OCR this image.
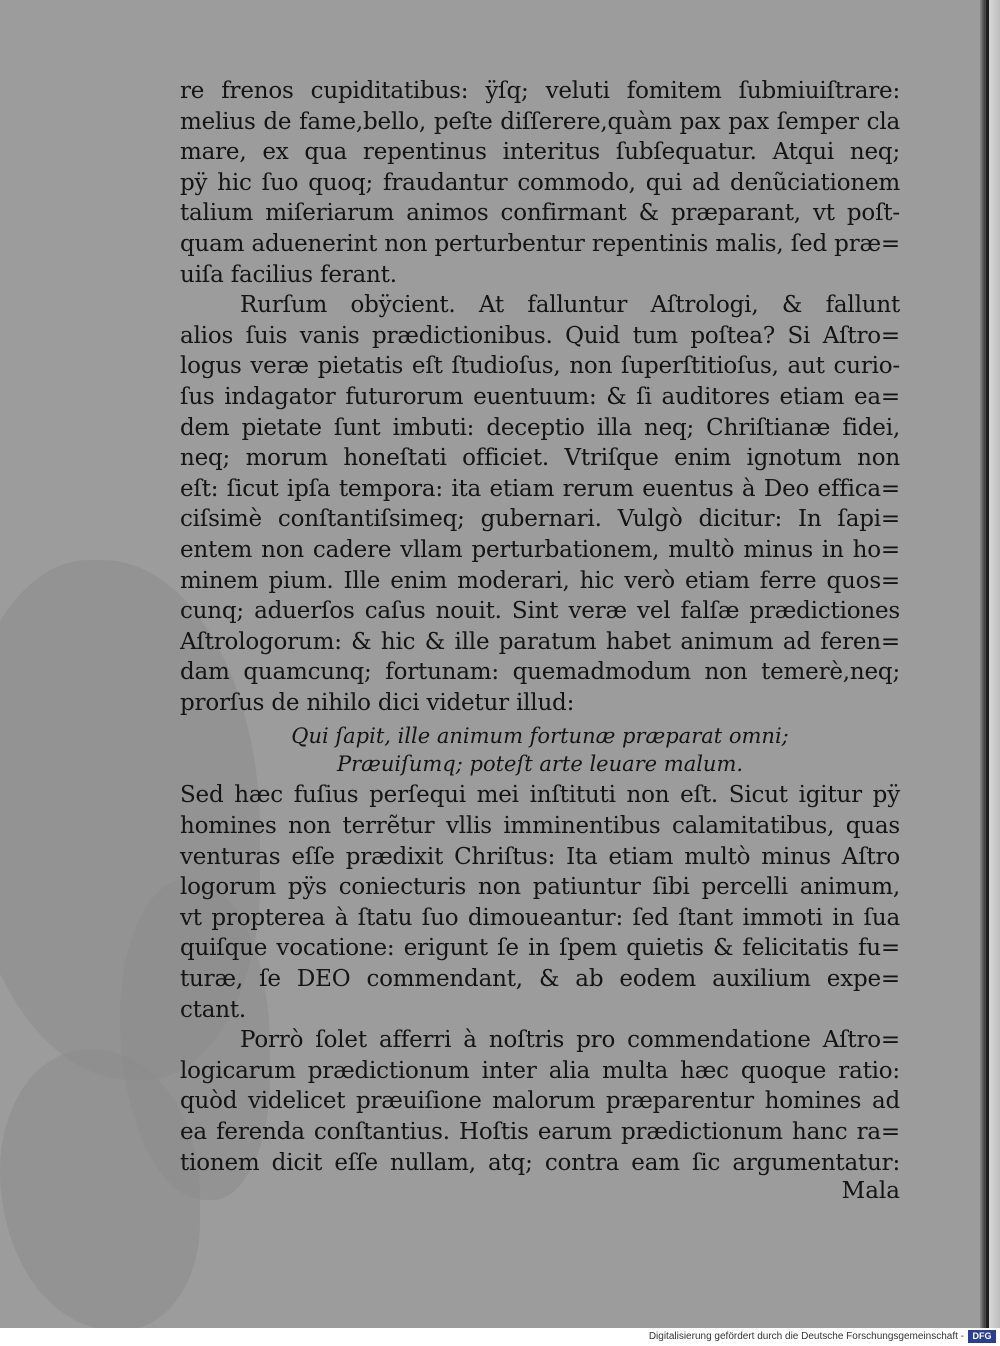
re frenos cupiditatibus: ÿſq; veluti fomitem ſubmiuiſtrare:
melius de fame,bello, peſte diſſerere,quàm pax pax ſemper cla
mare, ex qua repentinus interitus ſubſequatur. Atqui neq;
pÿ hic ſuo quoq; fraudantur commodo, qui ad denũciationem
talium miſeriarum animos confirmant & præparant, vt poſt-
quam aduenerint non perturbentur repentinis malis, ſed præ=
uiſa facilius ferant.
Rurſum obÿcient. At falluntur Aſtrologi, & fallunt
alios ſuis vanis prædictionibus. Quid tum poſtea? Si Aſtro=
logus veræ pietatis eſt ſtudioſus, non ſuperſtitioſus, aut curio-
ſus indagator futurorum euentuum: & ſi auditores etiam ea=
dem pietate ſunt imbuti: deceptio illa neq; Chriſtianæ fidei,
neq; morum honeſtati officiet. Vtriſque enim ignotum non
eſt: ſicut ipſa tempora: ita etiam rerum euentus à Deo effica=
ciſsimè conſtantiſsimeq; gubernari. Vulgò dicitur: In ſapi=
entem non cadere vllam perturbationem, multò minus in ho=
minem pium. Ille enim moderari, hic verò etiam ferre quos=
cunq; aduerſos caſus nouit. Sint veræ vel falſæ prædictiones
Aſtrologorum: & hic & ille paratum habet animum ad feren=
dam quamcunq; fortunam: quemadmodum non temerè,neq;
prorſus de nihilo dici videtur illud:
Qui ſapit, ille animum fortunæ præparat omni;
Præuiſumq; poteſt arte leuare malum.
Sed hæc fuſius perſequi mei inſtituti non eſt. Sicut igitur pÿ
homines non terrẽtur vllis imminentibus calamitatibus, quas
venturas eſſe prædixit Chriſtus: Ita etiam multò minus Aſtro
logorum pÿs coniecturis non patiuntur ſibi percelli animum,
vt propterea à ſtatu ſuo dimoueantur: ſed ſtant immoti in ſua
quiſque vocatione: erigunt ſe in ſpem quietis & felicitatis fu=
turæ, ſe DEO commendant, & ab eodem auxilium expe=
ctant.
Porrò ſolet afferri à noſtris pro commendatione Aſtro=
logicarum prædictionum inter alia multa hæc quoque ratio:
quòd videlicet præuiſione malorum præparentur homines ad
ea ferenda conſtantius. Hoſtis earum prædictionum hanc ra=
tionem dicit eſſe nullam, atq; contra eam ſic argumentatur:
Mala
Digitalisierung gefördert durch die Deutsche Forschungsgemeinschaft - DFG
